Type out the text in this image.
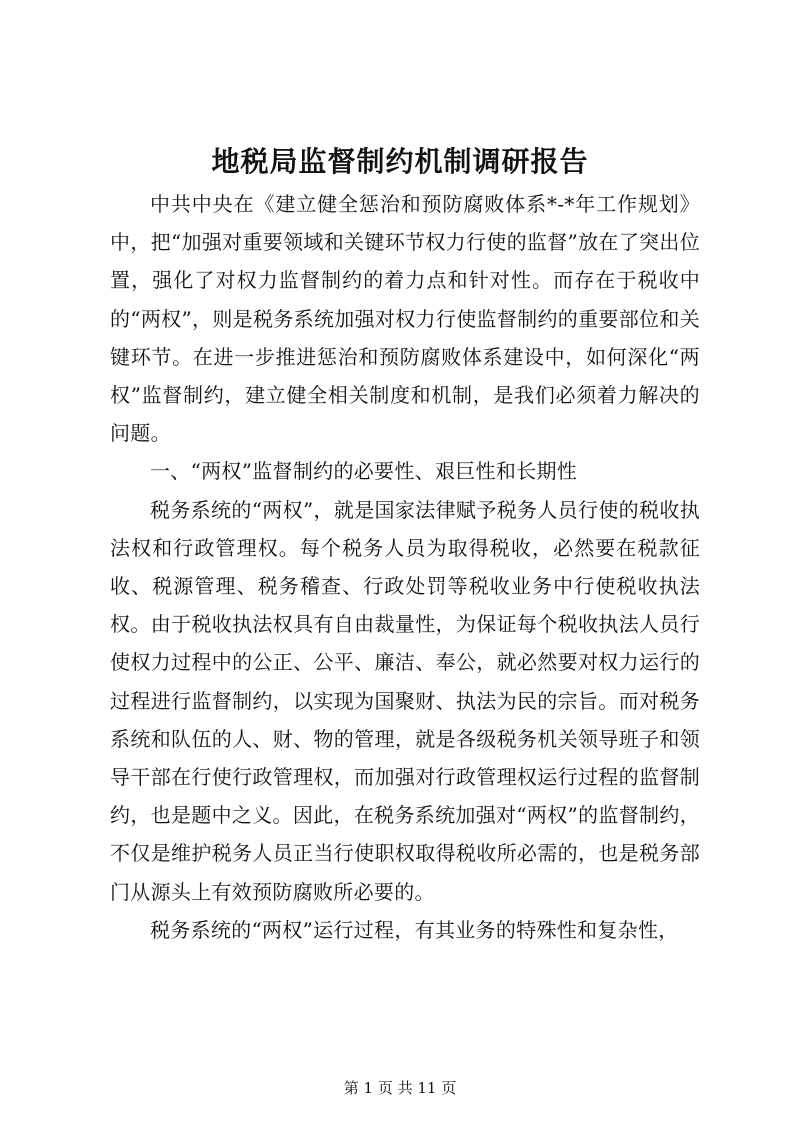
地税局监督制约机制调研报告

中共中央在《建立健全惩治和预防腐败体系*-*年工作规划》中，把“加强对重要领域和关键环节权力行使的监督”放在了突出位置，强化了对权力监督制约的着力点和针对性。而存在于税收中的“两权”，则是税务系统加强对权力行使监督制约的重要部位和关键环节。在进一步推进惩治和预防腐败体系建设中，如何深化“两权”监督制约，建立健全相关制度和机制，是我们必须着力解决的问题。

一、“两权”监督制约的必要性、艰巨性和长期性

税务系统的“两权”，就是国家法律赋予税务人员行使的税收执法权和行政管理权。每个税务人员为取得税收，必然要在税款征收、税源管理、税务稽查、行政处罚等税收业务中行使税收执法权。由于税收执法权具有自由裁量性，为保证每个税收执法人员行使权力过程中的公正、公平、廉洁、奉公，就必然要对权力运行的过程进行监督制约，以实现为国聚财、执法为民的宗旨。而对税务系统和队伍的人、财、物的管理，就是各级税务机关领导班子和领导干部在行使行政管理权，而加强对行政管理权运行过程的监督制约，也是题中之义。因此，在税务系统加强对“两权”的监督制约，不仅是维护税务人员正当行使职权取得税收所必需的，也是税务部门从源头上有效预防腐败所必要的。

税务系统的“两权”运行过程，有其业务的特殊性和复杂性，

第 1 页 共 11 页
